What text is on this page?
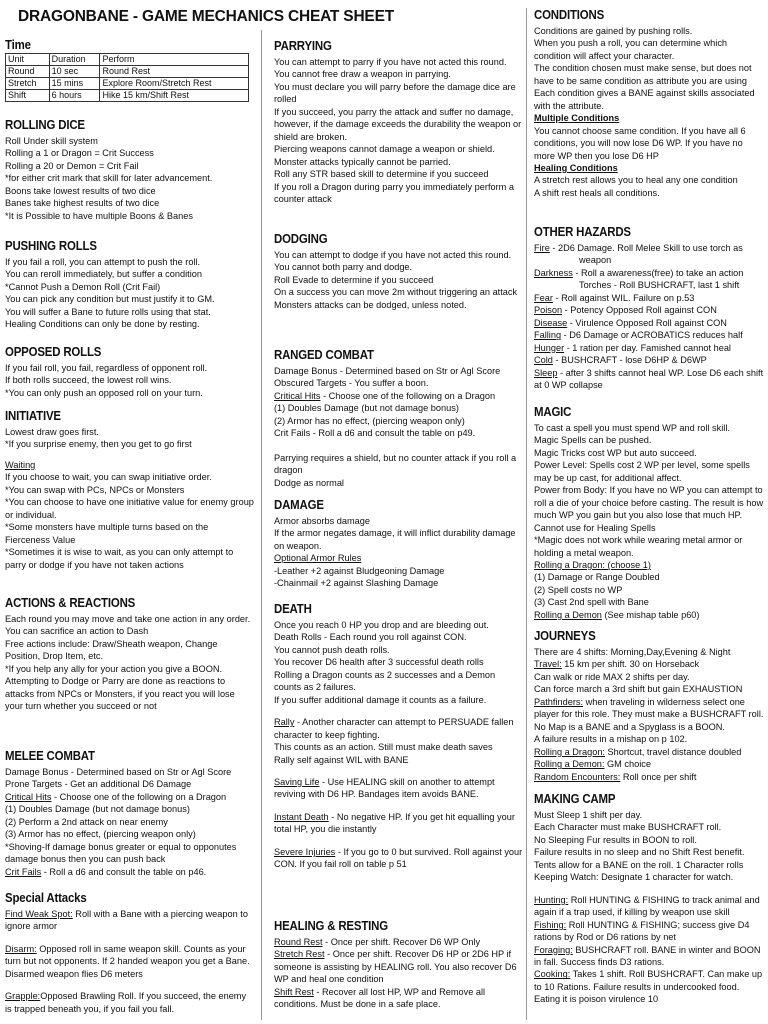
DRAGONBANE - GAME MECHANICS CHEAT SHEET
Time
Unit	Duration	Perform
Round	10 sec	Round Rest
Stretch	15 mins	Explore Room/Stretch Rest
Shift	6 hours	Hike 15 km/Shift Rest
ROLLING DICE

Roll Under skill system

Rolling a 1 or Dragon = Crit Success

Rolling a 20 or Demon = Crit Fail

*for either crit mark that skill for later advancement.

Boons take lowest results of two dice

Banes take highest results of two dice

*It is Possible to have multiple Boons & Banes

PUSHING ROLLS

If you fail a roll, you can attempt to push the roll.

You can reroll immediately, but suffer a condition

*Cannot Push a Demon Roll (Crit Fail)

You can pick any condition but must justify it to GM.

You will suffer a Bane to future rolls using that stat.

Healing Conditions can only be done by resting.

OPPOSED ROLLS

If you fail roll, you fail, regardless of opponent roll.

If both rolls succeed, the lowest roll wins.

*You can only push an opposed roll on your turn.

INITIATIVE

Lowest draw goes first.

*If you surprise enemy, then you get to go first

Waiting

If you choose to wait, you can swap initiative order.

*You can swap with PCs, NPCs or Monsters

*You can choose to have one initiative value for enemy group or individual.

*Some monsters have multiple turns based on the Fierceness Value

*Sometimes it is wise to wait, as you can only attempt to parry or dodge if you have not taken actions

ACTIONS & REACTIONS

Each round you may move and take one action in any order.

You can sacrifice an action to Dash

Free actions include: Draw/Sheath weapon, Change Position, Drop Item, etc.

*If you help any ally for your action you give a BOON.

Attempting to Dodge or Parry are done as reactions to attacks from NPCs or Monsters, if you react you will lose your turn whether you succeed or not

MELEE COMBAT

Damage Bonus - Determined based on Str or Agl Score

Prone Targets - Get an additional D6 Damage

Critical Hits - Choose one of the following on a Dragon

(1) Doubles Damage (but not damage bonus)

(2) Perform a 2nd attack on near enemy

(3) Armor has no effect, (piercing weapon only)

*Shoving-If damage bonus greater or equal to opponutes damage bonus then you can push back

Crit Fails - Roll a d6 and consult the table on p46.

Special Attacks

Find Weak Spot: Roll with a Bane with a piercing weapon to ignore armor

Disarm: Opposed roll in same weapon skill. Counts as your turn but not opponents. If 2 handed weapon you get a Bane. Disarmed weapon flies D6 meters

Grapple:Opposed Brawling Roll. If you succeed, the enemy is trapped beneath you, if you fail you fall.

PARRYING

You can attempt to parry if you have not acted this round.

You cannot free draw a weapon in parrying.

You must declare you will parry before the damage dice are rolled

If you succeed, you parry the attack and suffer no damage, however, if the damage exceeds the durability the weapon or shield are broken.

Piercing weapons cannot damage a weapon or shield.

Monster attacks typically cannot be parried.

Roll any STR based skill to determine if you succeed

If you roll a Dragon during parry you immediately perform a counter attack

DODGING

You can attempt to dodge if you have not acted this round.

You cannot both parry and dodge.

Roll Evade to determine if you succeed

On a success you can move 2m without triggering an attack

Monsters attacks can be dodged, unless noted.

RANGED COMBAT

Damage Bonus - Determined based on Str or Agl Score

Obscured Targets - You suffer a boon.

Critical Hits - Choose one of the following on a Dragon

(1) Doubles Damage (but not damage bonus)

(2) Armor has no effect, (piercing weapon only)

Crit Fails - Roll a d6 and consult the table on p49.

Parrying requires a shield, but no counter attack if you roll a dragon

Dodge as normal

DAMAGE

Armor absorbs damage

If the armor negates damage, it will inflict durability damage on weapon.

Optional Armor Rules

-Leather +2 against Bludgeoning Damage

-Chainmail +2 against Slashing Damage

DEATH

Once you reach 0 HP you drop and are bleeding out.

Death Rolls - Each round you roll against CON.

You cannot push death rolls.

You recover D6 health after 3 successful death rolls

Rolling a Dragon counts as 2 successes and a Demon counts as 2 failures.

If you suffer additional damage it counts as a failure.

Rally - Another character can attempt to PERSUADE fallen character to keep fighting.

This counts as an action. Still must make death saves

Rally self against WIL with BANE

Saving Life - Use HEALING skill on another to attempt reviving with D6 HP. Bandages item avoids BANE.

Instant Death - No negative HP. If you get hit equalling your total HP, you die instantly

Severe Injuries - If you go to 0 but survived. Roll against your CON. If you fail roll on table p 51

HEALING & RESTING

Round Rest - Once per shift. Recover D6 WP Only

Stretch Rest - Once per shift. Recover D6 HP or 2D6 HP if someone is assisting by HEALING roll. You also recover D6 WP and heal one condition

Shift Rest - Recover all lost HP, WP and Remove all conditions. Must be done in a safe place.

CONDITIONS

Conditions are gained by pushing rolls.

When you push a roll, you can determine which condition will affect your character.

The condition chosen must make sense, but does not have to be same condition as attribute you are using

Each condition gives a BANE against skills associated with the attribute.

Multiple Conditions

You cannot choose same condition. If you have all 6 conditions, you will now lose D6 WP. If you have no more WP then you lose D6 HP

Healing Conditions

A stretch rest allows you to heal any one condition

A shift rest heals all conditions.

OTHER HAZARDS

Fire - 2D6 Damage. Roll Melee Skill to use torch as

weapon

Darkness - Roll a awareness(free) to take an action

Torches - Roll BUSHCRAFT, last 1 shift

Fear - Roll against WIL. Failure on p.53

Poison - Potency Opposed Roll against CON

Disease - Virulence Opposed Roll against CON

Falling - D6 Damage or ACROBATICS reduces half

Hunger - 1 ration per day. Famished cannot heal

Cold - BUSHCRAFT - lose D6HP & D6WP

Sleep - after 3 shifts cannot heal WP. Lose D6 each shift at 0 WP collapse

MAGIC

To cast a spell you must spend WP and roll skill.

Magic Spells can be pushed.

Magic Tricks cost WP but auto succeed.

Power Level: Spells cost 2 WP per level, some spells may be up cast, for additional affect.

Power from Body: If you have no WP you can attempt to roll a die of your choice before casting. The result is how much WP you gain but you also lose that much HP. Cannot use for Healing Spells

*Magic does not work while wearing metal armor or holding a metal weapon.

Rolling a Dragon: (choose 1)

(1) Damage or Range Doubled

(2) Spell costs no WP

(3) Cast 2nd spell with Bane

Rolling a Demon (See mishap table p60)

JOURNEYS

There are 4 shifts: Morning,Day,Evening & Night

Travel: 15 km per shift. 30 on Horseback

Can walk or ride MAX 2 shifts per day.

Can force march a 3rd shift but gain EXHAUSTION

Pathfinders: when traveling in wilderness select one player for this role. They must make a BUSHCRAFT roll. No Map is a BANE and a Spyglass is a BOON.

A failure results in a mishap on p 102.

Rolling a Dragon: Shortcut, travel distance doubled

Rolling a Demon: GM choice

Random Encounters: Roll once per shift

MAKING CAMP

Must Sleep 1 shift per day.

Each Character must make BUSHCRAFT roll.

No Sleeping Fur results in BOON to roll.

Failure results in no sleep and no Shift Rest benefit.

Tents allow for a BANE on the roll. 1 Character rolls

Keeping Watch: Designate 1 character for watch.

Hunting: Roll HUNTING & FISHING to track animal and again if a trap used, if killing by weapon use skill

Fishing: Roll HUNTING & FISHING; success give D4 rations by Rod or D6 rations by net

Foraging: BUSHCRAFT roll. BANE in winter and BOON in fall. Success finds D3 rations.

Cooking: Takes 1 shift. Roll BUSHCRAFT. Can make up to 10 Rations. Failure results in undercooked food. Eating it is poison virulence 10
